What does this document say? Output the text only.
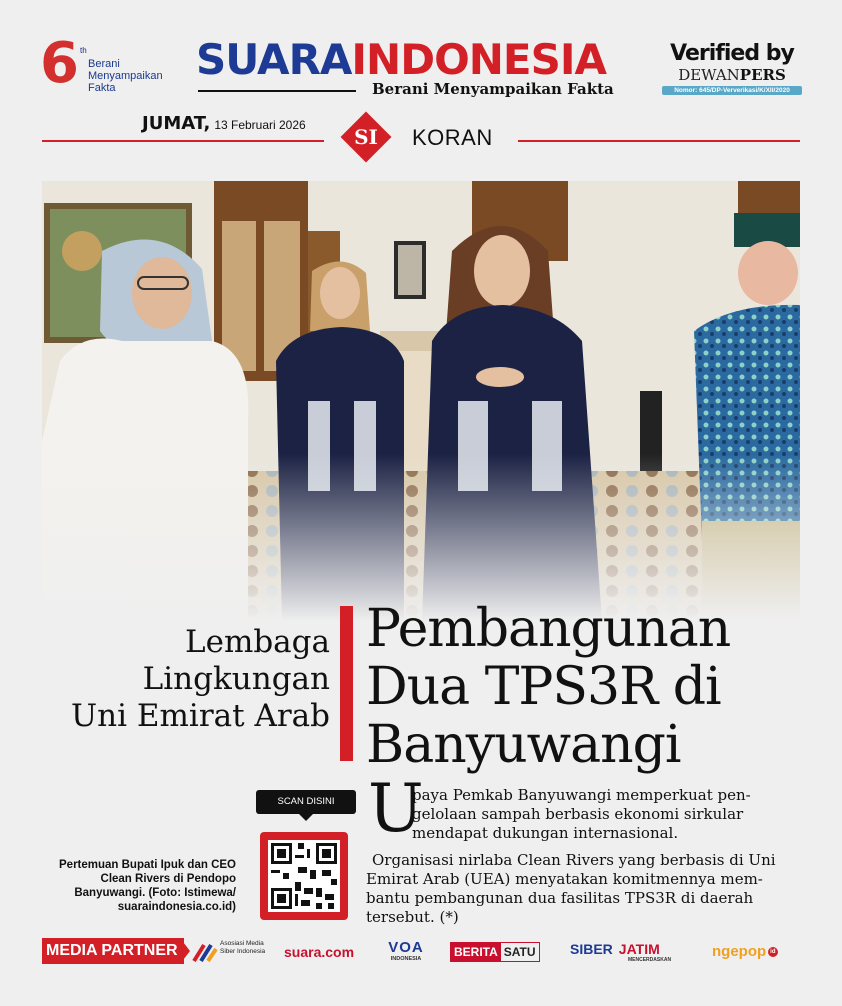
6 th
Berani
Menyampaikan
Fakta
SUARAINDONESIA
Berani Menyampaikan Fakta
Verified by
DEWANPERS
Nomor: 645/DP-Ververikasi/K/XII/2020
JUMAT, 13 Februari 2026	SI	KORAN
Lembaga
Lingkungan
Uni Emirat Arab
Pembangunan
Dua TPS3R di
Banyuwangi
SCAN DISINI
Pertemuan Bupati Ipuk dan CEO Clean Rivers di Pendopo Banyuwangi. (Foto: Istimewa/ suaraindonesia.co.id)
U

paya Pemkab Banyuwangi memperkuat pen-gelolaan sampah berbasis ekonomi sirkular mendapat dukungan internasional.

Organisasi nirlaba Clean Rivers yang berbasis di Uni Emirat Arab (UEA) menyatakan komitmennya mem-bantu pembangunan dua fasilitas TPS3R di daerah tersebut. (*)

MEDIA PARTNER	Asosiasi Media Siber Indonesia	suara.com VOA
INDONESIA	BERITA SATU SIBER JATIM
MENCERDASKAN	ngepop id
